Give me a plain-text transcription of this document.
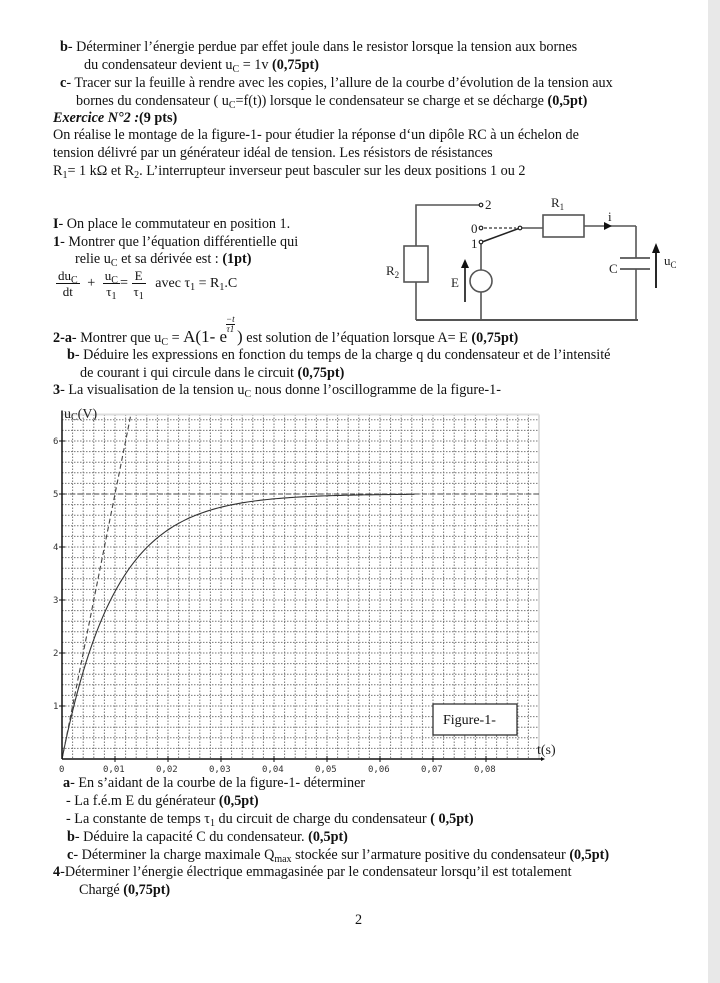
b- Déterminer l’énergie perdue par effet joule dans le resistor lorsque la tension aux bornes
du condensateur devient $u_C = 1v$ (0,75pt)
c- Tracer sur la feuille à rendre avec les copies, l’allure de la courbe d’évolution de la tension aux
bornes du condensateur ( $u_C=f(t)$) lorsque le condensateur se charge et se décharge (0,5pt)
Exercice N°2 :(9 pts)
On réalise le montage de la figure-1- pour étudier la réponse d‘un dipôle RC à un échelon de
tension délivré par un générateur idéal de tension. Les résistors de résistances
$R_1= 1$ kΩ et $R_2$. L’interrupteur inverseur peut basculer sur les deux positions 1 ou 2
I- On place le commutateur en position 1.
1- Montrer que l’équation différentielle qui
relie $u_C$ et sa dérivée est : (1pt)
$\frac{du_C}{dt} + \frac{u_C}{\tau_1} = \frac{E}{\tau_1}$ avec $\tau_1 = R_1.C$
2-a- Montrer que $u_C = A(1-$ e
−t
τ1 ) est solution de l’équation lorsque A= E (0,75pt)
b- Déduire les expressions en fonction du temps de la charge q du condensateur et de l’intensité
de courant i qui circule dans le circuit (0,75pt)
3- La visualisation de la tension $u_C$ nous donne l’oscillogramme de la figure-1-
2
0
1
$R_1$
$R_2$
i
C
$u_C$
E
0	0,01	0,02	0,03	0,04	0,05	0,06	0,07	0,08
1
2
3
4
5
6
uC(V)
t(s)
Figure-1-
a- En s’aidant de la courbe de la figure-1- déterminer
- La f.é.m E du générateur (0,5pt)
- La constante de temps $\tau_1$ du circuit de charge du condensateur ( 0,5pt)
b- Déduire la capacité C du condensateur. (0,5pt)
c- Déterminer la charge maximale $Q_{max}$ stockée sur l’armature positive du condensateur (0,5pt)
4-Déterminer l’énergie électrique emmagasinée par le condensateur lorsqu’il est totalement
Chargé (0,75pt)
2
